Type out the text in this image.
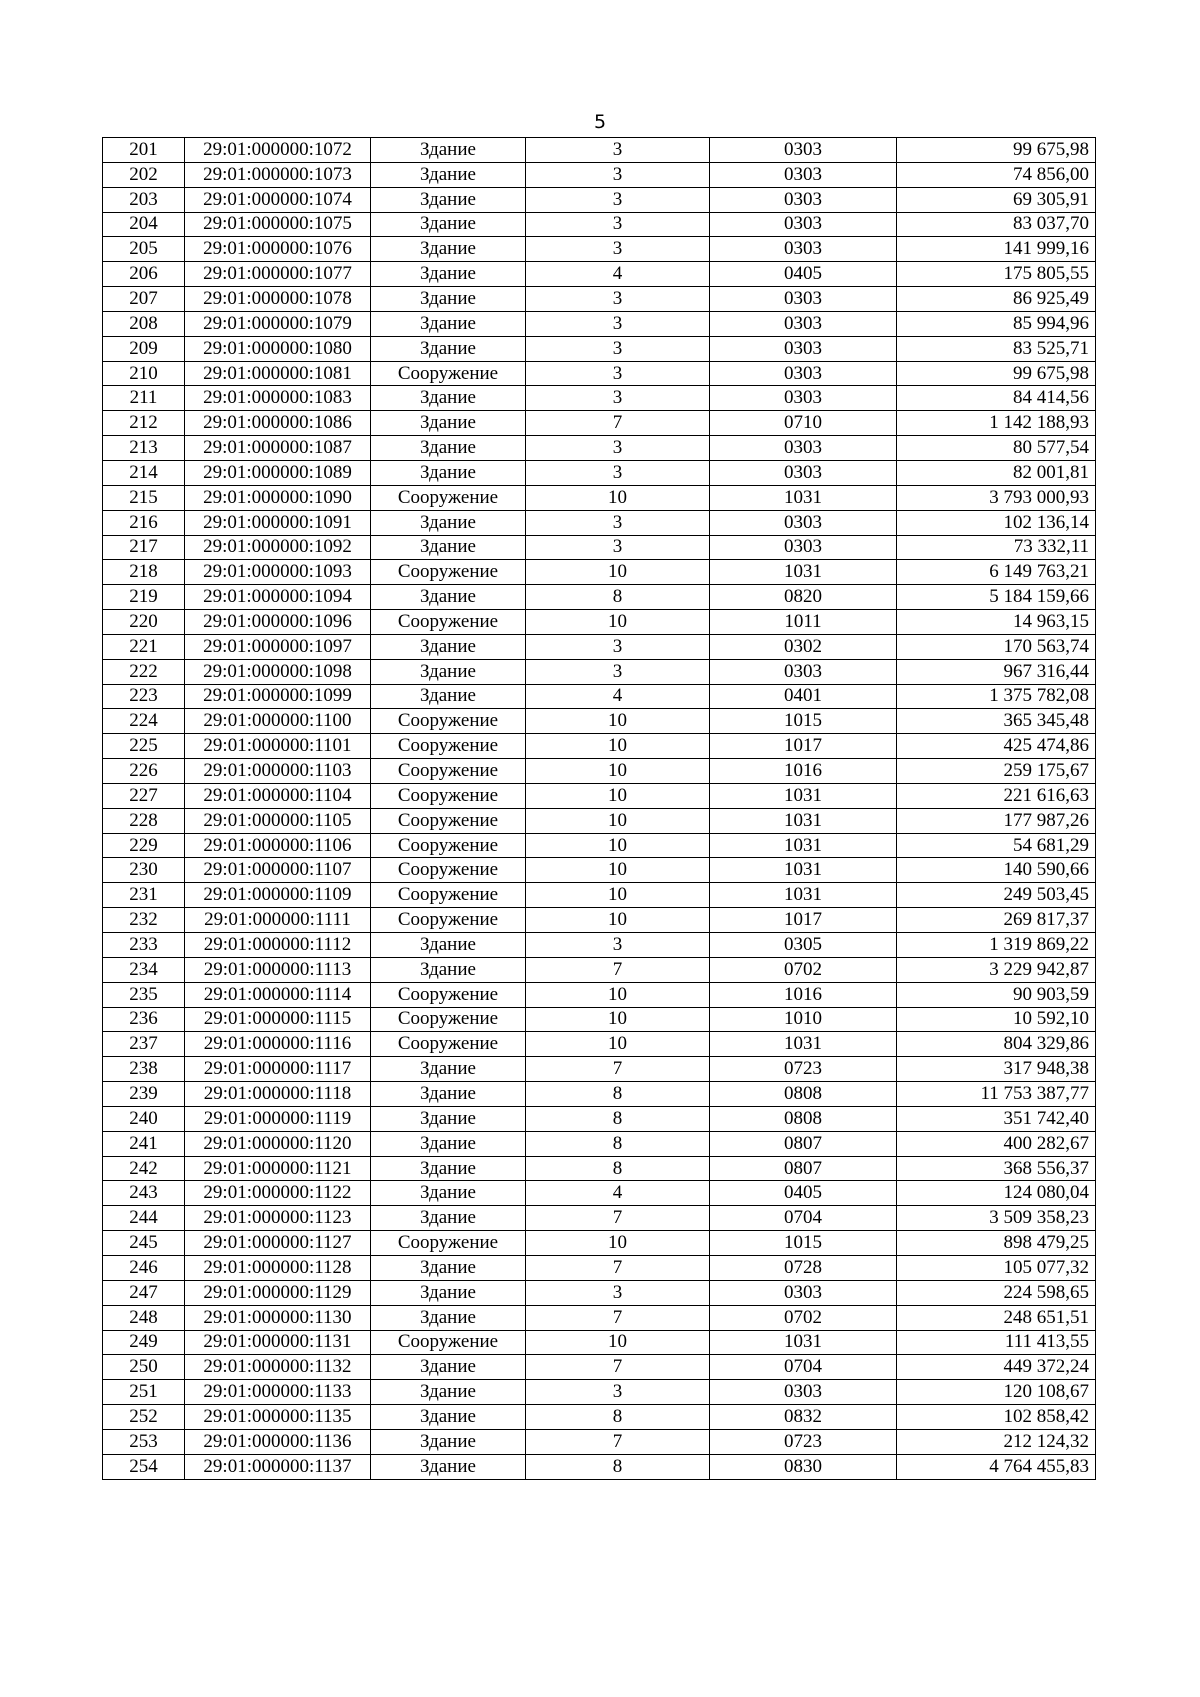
5
201	29:01:000000:1072	Здание	3	0303	99 675,98
202	29:01:000000:1073	Здание	3	0303	74 856,00
203	29:01:000000:1074	Здание	3	0303	69 305,91
204	29:01:000000:1075	Здание	3	0303	83 037,70
205	29:01:000000:1076	Здание	3	0303	141 999,16
206	29:01:000000:1077	Здание	4	0405	175 805,55
207	29:01:000000:1078	Здание	3	0303	86 925,49
208	29:01:000000:1079	Здание	3	0303	85 994,96
209	29:01:000000:1080	Здание	3	0303	83 525,71
210	29:01:000000:1081	Сооружение	3	0303	99 675,98
211	29:01:000000:1083	Здание	3	0303	84 414,56
212	29:01:000000:1086	Здание	7	0710	1 142 188,93
213	29:01:000000:1087	Здание	3	0303	80 577,54
214	29:01:000000:1089	Здание	3	0303	82 001,81
215	29:01:000000:1090	Сооружение	10	1031	3 793 000,93
216	29:01:000000:1091	Здание	3	0303	102 136,14
217	29:01:000000:1092	Здание	3	0303	73 332,11
218	29:01:000000:1093	Сооружение	10	1031	6 149 763,21
219	29:01:000000:1094	Здание	8	0820	5 184 159,66
220	29:01:000000:1096	Сооружение	10	1011	14 963,15
221	29:01:000000:1097	Здание	3	0302	170 563,74
222	29:01:000000:1098	Здание	3	0303	967 316,44
223	29:01:000000:1099	Здание	4	0401	1 375 782,08
224	29:01:000000:1100	Сооружение	10	1015	365 345,48
225	29:01:000000:1101	Сооружение	10	1017	425 474,86
226	29:01:000000:1103	Сооружение	10	1016	259 175,67
227	29:01:000000:1104	Сооружение	10	1031	221 616,63
228	29:01:000000:1105	Сооружение	10	1031	177 987,26
229	29:01:000000:1106	Сооружение	10	1031	54 681,29
230	29:01:000000:1107	Сооружение	10	1031	140 590,66
231	29:01:000000:1109	Сооружение	10	1031	249 503,45
232	29:01:000000:1111	Сооружение	10	1017	269 817,37
233	29:01:000000:1112	Здание	3	0305	1 319 869,22
234	29:01:000000:1113	Здание	7	0702	3 229 942,87
235	29:01:000000:1114	Сооружение	10	1016	90 903,59
236	29:01:000000:1115	Сооружение	10	1010	10 592,10
237	29:01:000000:1116	Сооружение	10	1031	804 329,86
238	29:01:000000:1117	Здание	7	0723	317 948,38
239	29:01:000000:1118	Здание	8	0808	11 753 387,77
240	29:01:000000:1119	Здание	8	0808	351 742,40
241	29:01:000000:1120	Здание	8	0807	400 282,67
242	29:01:000000:1121	Здание	8	0807	368 556,37
243	29:01:000000:1122	Здание	4	0405	124 080,04
244	29:01:000000:1123	Здание	7	0704	3 509 358,23
245	29:01:000000:1127	Сооружение	10	1015	898 479,25
246	29:01:000000:1128	Здание	7	0728	105 077,32
247	29:01:000000:1129	Здание	3	0303	224 598,65
248	29:01:000000:1130	Здание	7	0702	248 651,51
249	29:01:000000:1131	Сооружение	10	1031	111 413,55
250	29:01:000000:1132	Здание	7	0704	449 372,24
251	29:01:000000:1133	Здание	3	0303	120 108,67
252	29:01:000000:1135	Здание	8	0832	102 858,42
253	29:01:000000:1136	Здание	7	0723	212 124,32
254	29:01:000000:1137	Здание	8	0830	4 764 455,83
